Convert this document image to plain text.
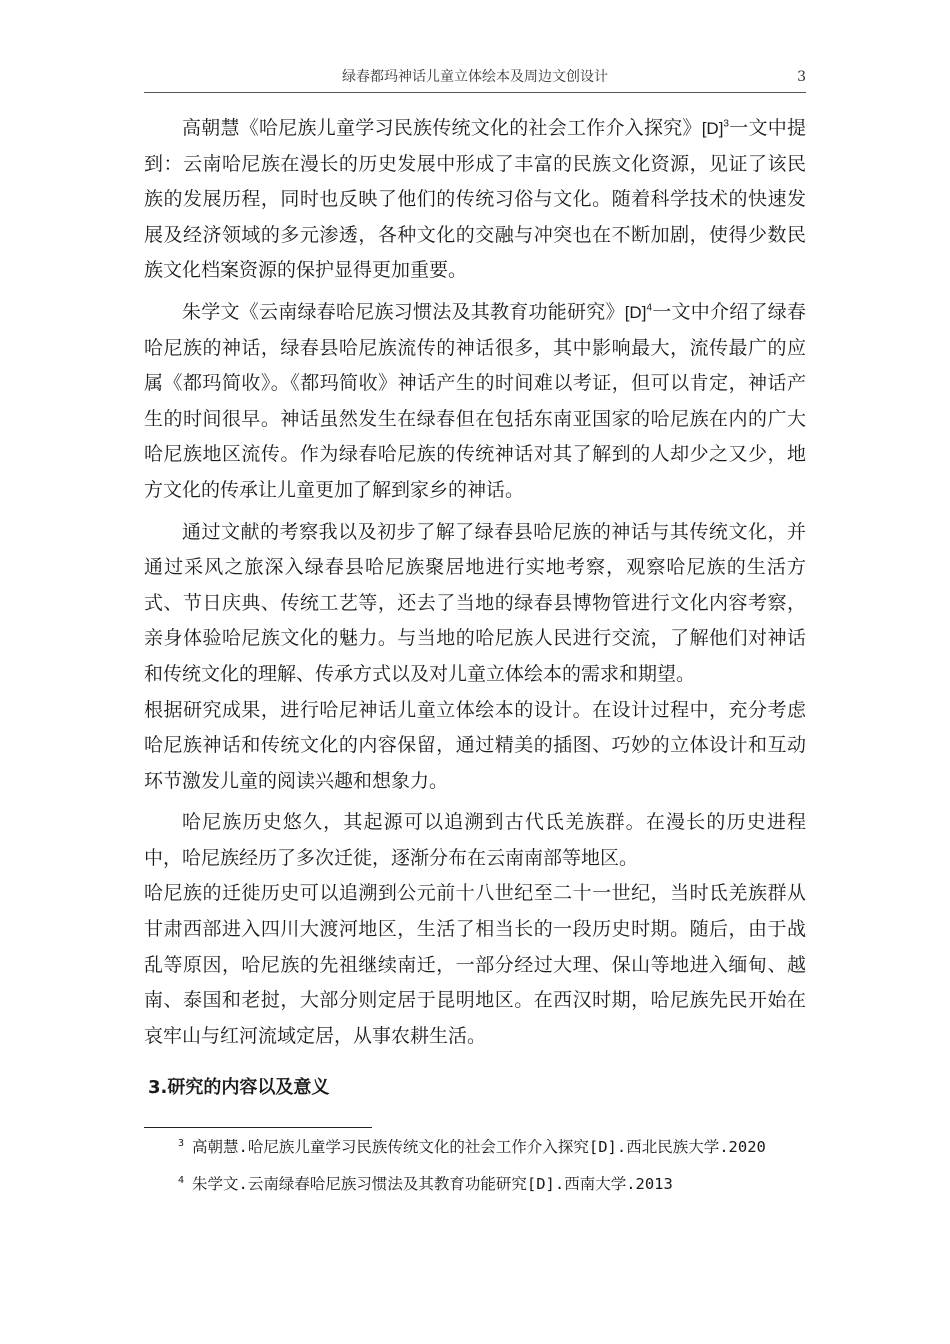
绿春都玛神话儿童立体绘本及周边文创设计	3

高朝慧《哈尼族儿童学习民族传统文化的社会工作介入探究》$[D]^3$一文中提到：云南哈尼族在漫长的历史发展中形成了丰富的民族文化资源，见证了该民族的发展历程，同时也反映了他们的传统习俗与文化。随着科学技术的快速发展及经济领域的多元渗透，各种文化的交融与冲突也在不断加剧，使得少数民族文化档案资源的保护显得更加重要。

朱学文《云南绿春哈尼族习惯法及其教育功能研究》$[D]^4$一文中介绍了绿春哈尼族的神话，绿春县哈尼族流传的神话很多，其中影响最大，流传最广的应属《都玛简收》。《都玛简收》神话产生的时间难以考证，但可以肯定，神话产生的时间很早。神话虽然发生在绿春但在包括东南亚国家的哈尼族在内的广大哈尼族地区流传。作为绿春哈尼族的传统神话对其了解到的人却少之又少，地方文化的传承让儿童更加了解到家乡的神话。

通过文献的考察我以及初步了解了绿春县哈尼族的神话与其传统文化，并通过采风之旅深入绿春县哈尼族聚居地进行实地考察，观察哈尼族的生活方式、节日庆典、传统工艺等，还去了当地的绿春县博物管进行文化内容考察，亲身体验哈尼族文化的魅力。与当地的哈尼族人民进行交流，了解他们对神话和传统文化的理解、传承方式以及对儿童立体绘本的需求和期望。

根据研究成果，进行哈尼神话儿童立体绘本的设计。在设计过程中，充分考虑哈尼族神话和传统文化的内容保留，通过精美的插图、巧妙的立体设计和互动环节激发儿童的阅读兴趣和想象力。

哈尼族历史悠久，其起源可以追溯到古代氐羌族群。在漫长的历史进程中，哈尼族经历了多次迁徙，逐渐分布在云南南部等地区。

哈尼族的迁徙历史可以追溯到公元前十八世纪至二十一世纪，当时氐羌族群从甘肃西部进入四川大渡河地区，生活了相当长的一段历史时期。随后，由于战乱等原因，哈尼族的先祖继续南迁，一部分经过大理、保山等地进入缅甸、越南、泰国和老挝，大部分则定居于昆明地区。在西汉时期，哈尼族先民开始在哀牢山与红河流域定居，从事农耕生活。

3.研究的内容以及意义

$^3$ 高朝慧.哈尼族儿童学习民族传统文化的社会工作介入探究[D].西北民族大学.2020

$^4$ 朱学文.云南绿春哈尼族习惯法及其教育功能研究[D].西南大学.2013
